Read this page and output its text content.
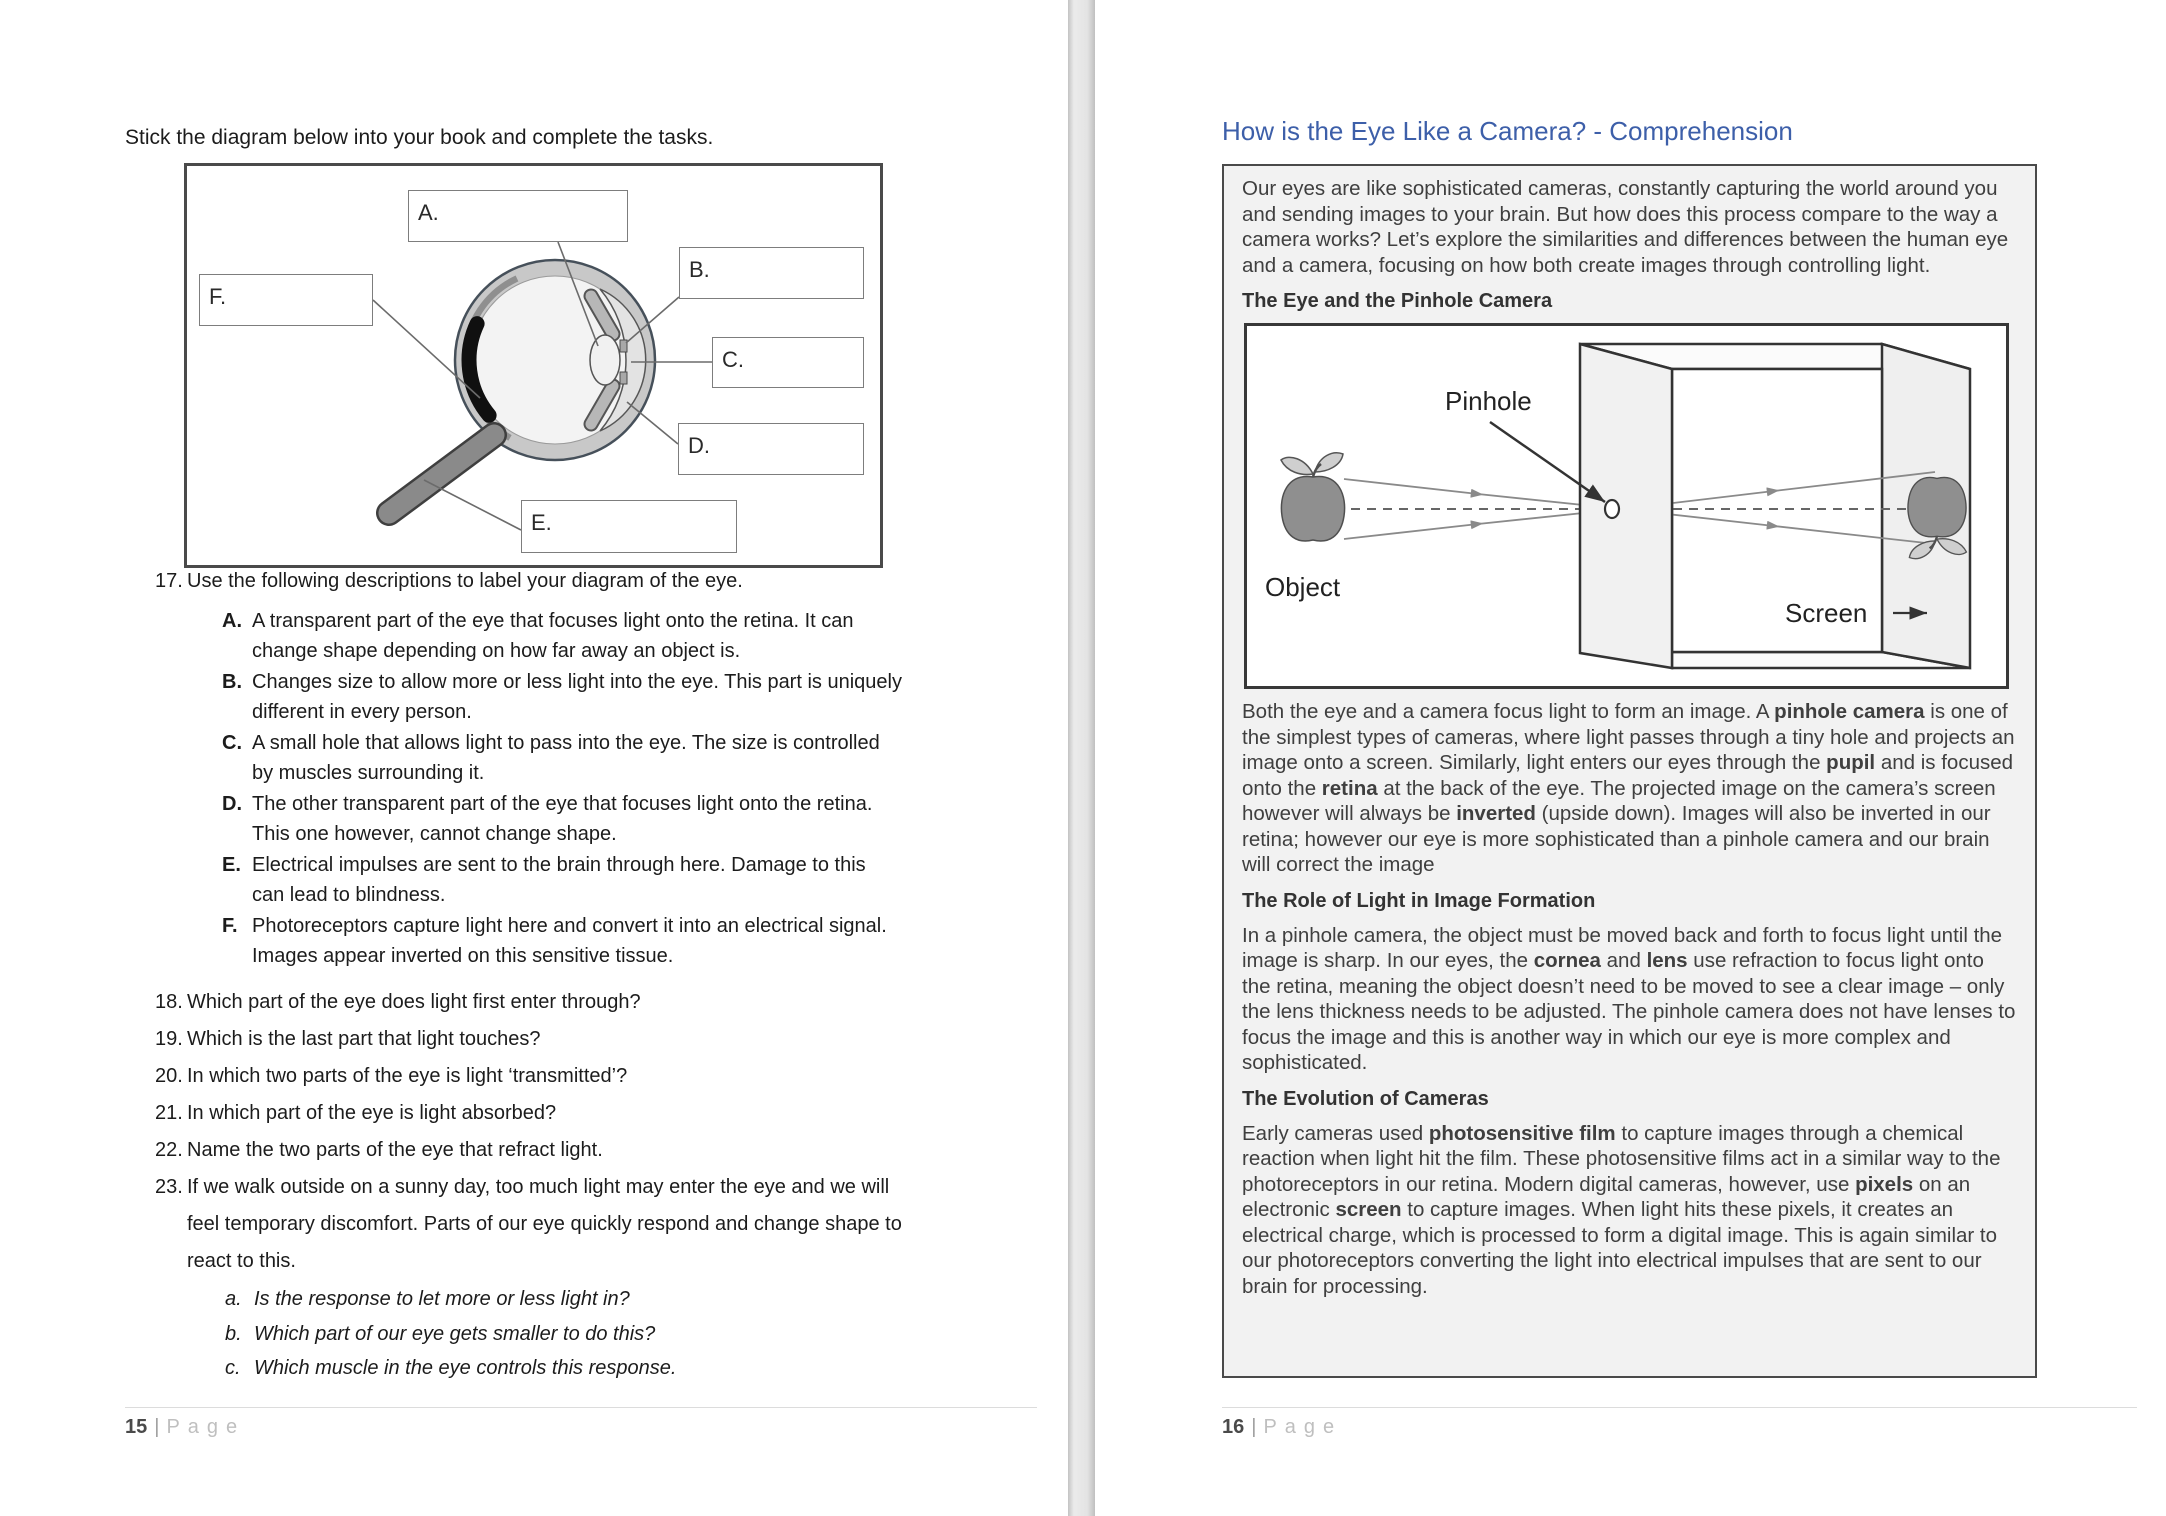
Stick the diagram below into your book and complete the tasks.

A.
B.
C.
D.
E.
F.
17. Use the following descriptions to label your diagram of the eye.
A. A transparent part of the eye that focuses light onto the retina. It can change shape depending on how far away an object is.
B. Changes size to allow more or less light into the eye. This part is uniquely different in every person.
C. A small hole that allows light to pass into the eye. The size is controlled by muscles surrounding it.
D. The other transparent part of the eye that focuses light onto the retina. This one however, cannot change shape.
E. Electrical impulses are sent to the brain through here. Damage to this can lead to blindness.
F. Photoreceptors capture light here and convert it into an electrical signal. Images appear inverted on this sensitive tissue.
18. Which part of the eye does light first enter through?
19. Which is the last part that light touches?
20. In which two parts of the eye is light ‘transmitted’?
21. In which part of the eye is light absorbed?
22. Name the two parts of the eye that refract light.
23. If we walk outside on a sunny day, too much light may enter the eye and we will feel temporary discomfort. Parts of our eye quickly respond and change shape to react to this.
a. Is the response to let more or less light in?
b. Which part of our eye gets smaller to do this?
c. Which muscle in the eye controls this response.
15 | Page
How is the Eye Like a Camera? - Comprehension
Our eyes are like sophisticated cameras, constantly capturing the world around you and sending images to your brain. But how does this process compare to the way a camera works? Let’s explore the similarities and differences between the human eye and a camera, focusing on how both create images through controlling light.
The Eye and the Pinhole Camera
Pinhole
Object
Screen
Both the eye and a camera focus light to form an image. A pinhole camera is one of the simplest types of cameras, where light passes through a tiny hole and projects an image onto a screen. Similarly, light enters our eyes through the pupil and is focused onto the retina at the back of the eye. The projected image on the camera’s screen however will always be inverted (upside down). Images will also be inverted in our retina; however our eye is more sophisticated than a pinhole camera and our brain will correct the image
The Role of Light in Image Formation
In a pinhole camera, the object must be moved back and forth to focus light until the image is sharp. In our eyes, the cornea and lens use refraction to focus light onto the retina, meaning the object doesn’t need to be moved to see a clear image – only the lens thickness needs to be adjusted. The pinhole camera does not have lenses to focus the image and this is another way in which our eye is more complex and sophisticated.
The Evolution of Cameras
Early cameras used photosensitive film to capture images through a chemical reaction when light hit the film. These photosensitive films act in a similar way to the photoreceptors in our retina. Modern digital cameras, however, use pixels on an electronic screen to capture images. When light hits these pixels, it creates an electrical charge, which is processed to form a digital image. This is again similar to our photoreceptors converting the light into electrical impulses that are sent to our brain for processing.
16 | Page
